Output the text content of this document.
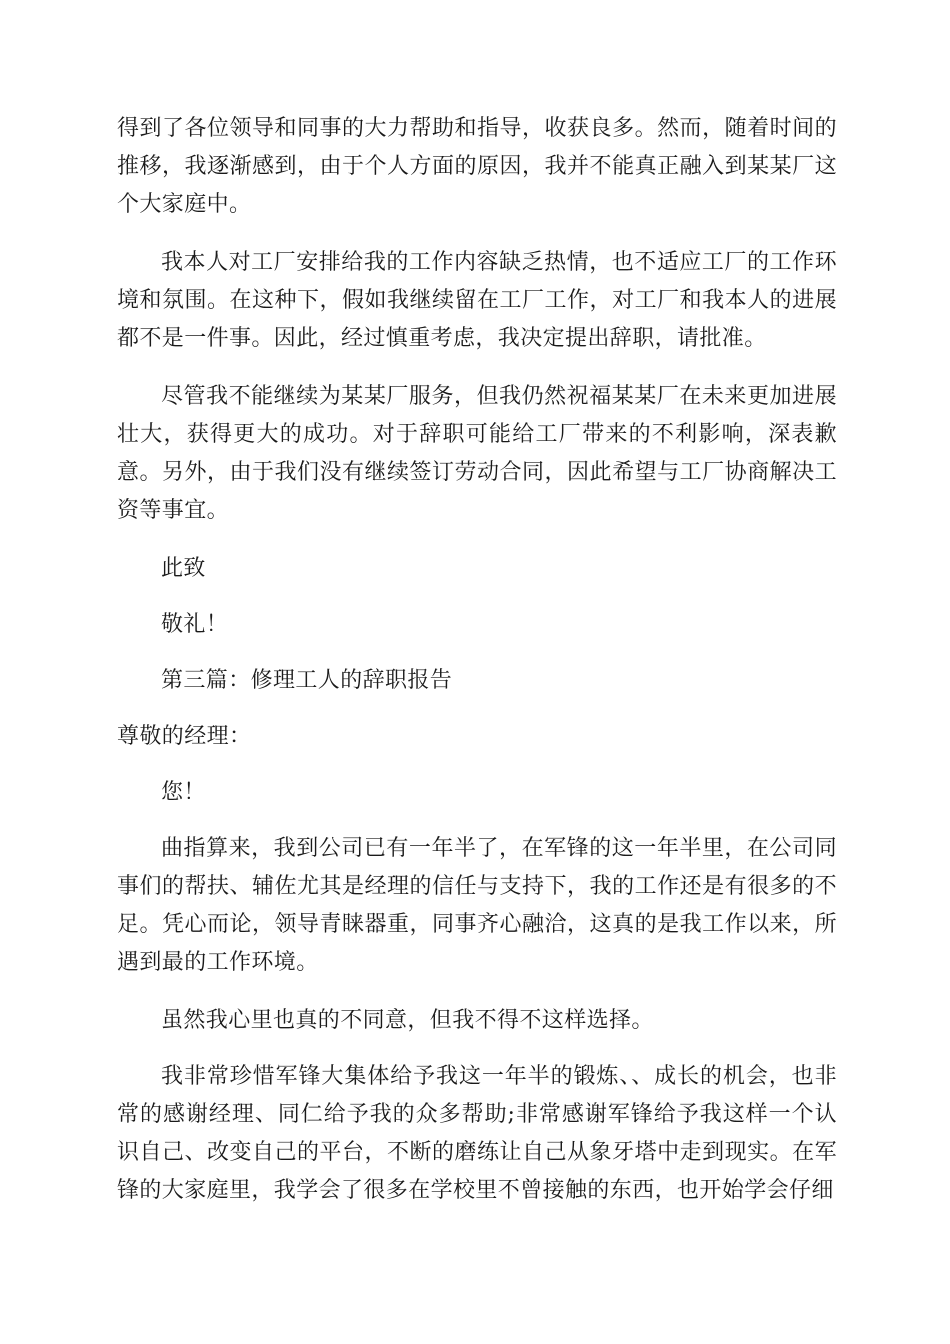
得到了各位领导和同事的大力帮助和指导，收获良多。然而，随着时间的推移，我逐渐感到，由于个人方面的原因，我并不能真正融入到某某厂这个大家庭中。

我本人对工厂安排给我的工作内容缺乏热情，也不适应工厂的工作环境和氛围。在这种下，假如我继续留在工厂工作，对工厂和我本人的进展都不是一件事。因此，经过慎重考虑，我决定提出辞职，请批准。

尽管我不能继续为某某厂服务，但我仍然祝福某某厂在未来更加进展壮大，获得更大的成功。对于辞职可能给工厂带来的不利影响，深表歉意。另外，由于我们没有继续签订劳动合同，因此希望与工厂协商解决工资等事宜。

此致

敬礼！

第三篇：修理工人的辞职报告

尊敬的经理：

您！

曲指算来，我到公司已有一年半了，在军锋的这一年半里，在公司同事们的帮扶、辅佐尤其是经理的信任与支持下，我的工作还是有很多的不足。凭心而论，领导青睐器重，同事齐心融洽，这真的是我工作以来，所遇到最的工作环境。

虽然我心里也真的不同意，但我不得不这样选择。

我非常珍惜军锋大集体给予我这一年半的锻炼、、成长的机会，也非常的感谢经理、同仁给予我的众多帮助;非常感谢军锋给予我这样一个认识自己、改变自己的平台，不断的磨练让自己从象牙塔中走到现实。在军锋的大家庭里，我学会了很多在学校里不曾接触的东西，也开始学会仔细
